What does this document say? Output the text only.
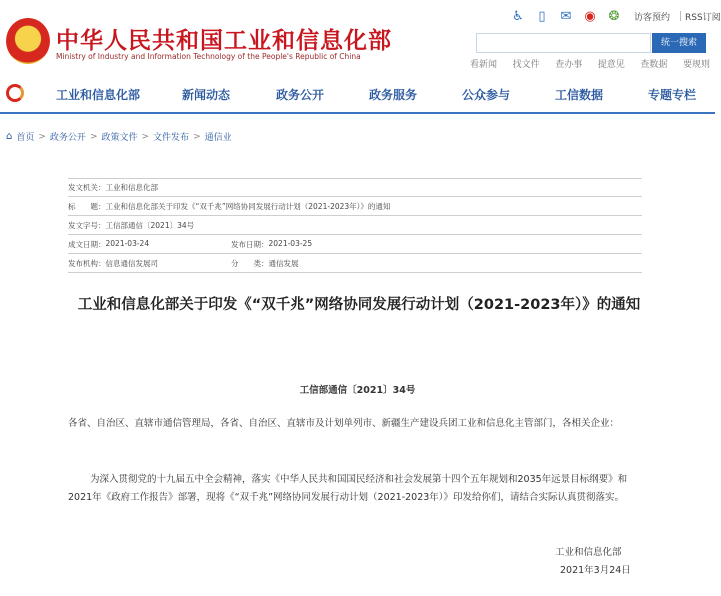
★
中华人民共和国工业和信息化部
Ministry of Industry and Information Technology of the People's Republic of China
♿	▯	✉ ◉ ❂ 访客预约 RSS订阅
统一搜索
看新闻 找文件 查办事 提意见 查数据 要规则
工业和信息化部	新闻动态	政务公开	政务服务	公众参与	工信数据	专题专栏
⌂ 首页 > 政务公开 > 政策文件 > 文件发布 > 通信业
发文机关： 工业和信息化部
标　　题： 工业和信息化部关于印发《“双千兆”网络协同发展行动计划（2021-2023年）》的通知
发文字号： 工信部通信〔2021〕34号
成文日期： 2021-03-24	发布日期： 2021-03-25
发布机构： 信息通信发展司	分　　类： 通信发展
工业和信息化部关于印发《“双千兆”网络协同发展行动计划（2021-2023年）》的通知
工信部通信〔2021〕34号
各省、自治区、直辖市通信管理局，各省、自治区、直辖市及计划单列市、新疆生产建设兵团工业和信息化主管部门，各相关企业：
为深入贯彻党的十九届五中全会精神，落实《中华人民共和国国民经济和社会发展第十四个五年规划和2035年远景目标纲要》和2021年《政府工作报告》部署，现将《“双千兆”网络协同发展行动计划（2021-2023年）》印发给你们，请结合实际认真贯彻落实。
工业和信息化部
2021年3月24日
